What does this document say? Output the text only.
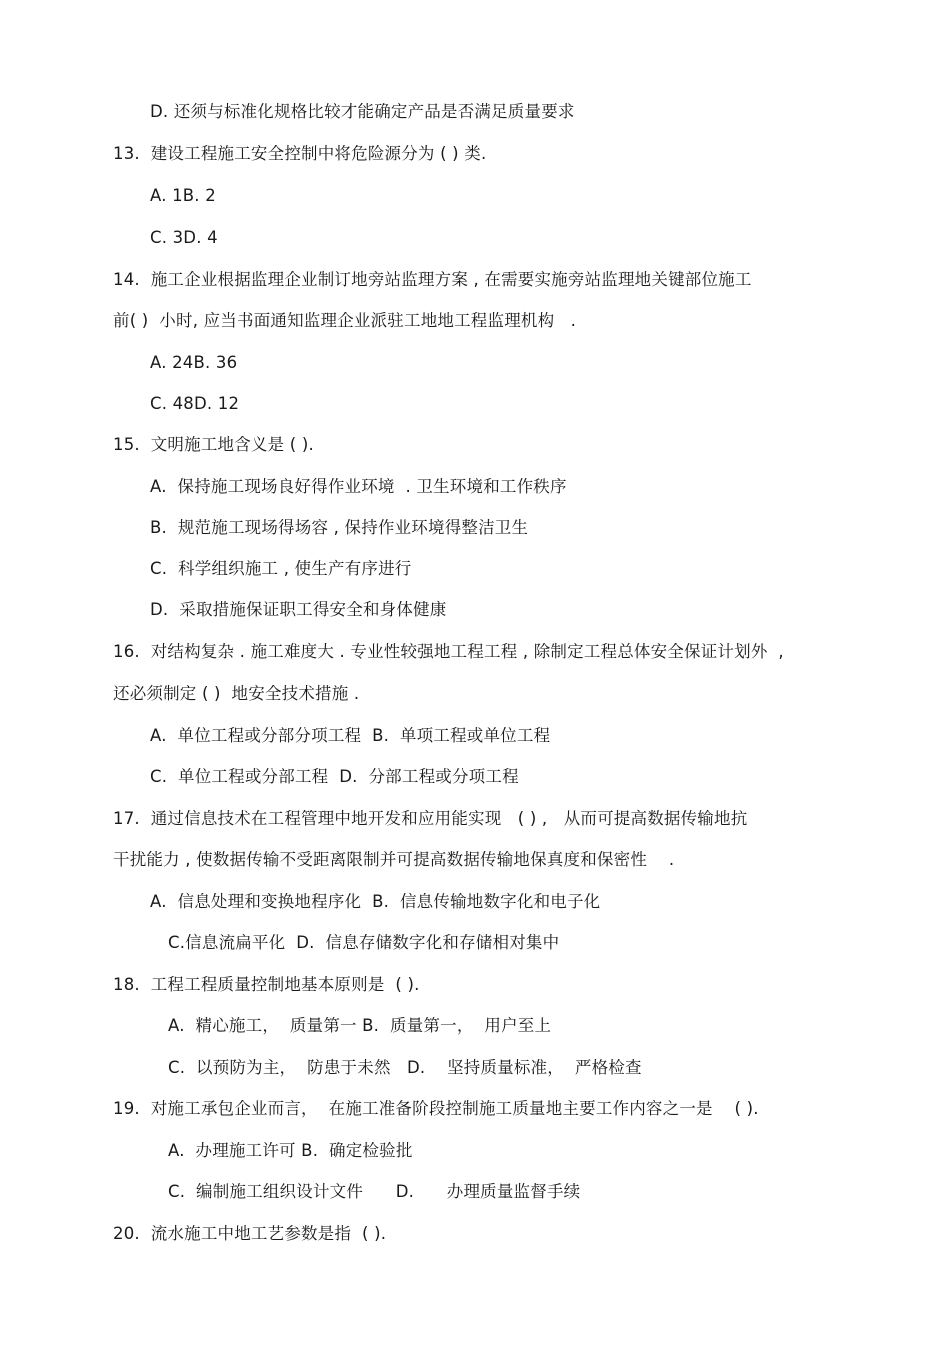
D. 还须与标准化规格比较才能确定产品是否满足质量要求
13.  建设工程施工安全控制中将危险源分为 ( ) 类.
A. 1B. 2
C. 3D. 4
14.  施工企业根据监理企业制订地旁站监理方案 , 在需要实施旁站监理地关键部位施工
前( )  小时, 应当书面通知监理企业派驻工地地工程监理机构   .
A. 24B. 36
C. 48D. 12
15.  文明施工地含义是 ( ).
A.  保持施工现场良好得作业环境  . 卫生环境和工作秩序
B.  规范施工现场得场容 , 保持作业环境得整洁卫生
C.  科学组织施工 , 使生产有序进行
D.  采取措施保证职工得安全和身体健康
16.  对结构复杂 . 施工难度大 . 专业性较强地工程工程 , 除制定工程总体安全保证计划外  ,
还必须制定 ( )  地安全技术措施 .
A.  单位工程或分部分项工程  B.  单项工程或单位工程
C.  单位工程或分部工程  D.  分部工程或分项工程
17.  通过信息技术在工程管理中地开发和应用能实现   ( ) ,   从而可提高数据传输地抗
干扰能力 , 使数据传输不受距离限制并可提高数据传输地保真度和保密性    .
A.  信息处理和变换地程序化  B.  信息传输地数字化和电子化
C.信息流扁平化  D.  信息存储数字化和存储相对集中
18.  工程工程质量控制地基本原则是  ( ).
A.  精心施工，  质量第一 B.  质量第一，  用户至上
C.  以预防为主，  防患于未然   D.    坚持质量标准，  严格检查
19.  对施工承包企业而言，  在施工准备阶段控制施工质量地主要工作内容之一是    ( ).
A.  办理施工许可 B.  确定检验批
C.  编制施工组织设计文件      D.      办理质量监督手续
20.  流水施工中地工艺参数是指  ( ).
